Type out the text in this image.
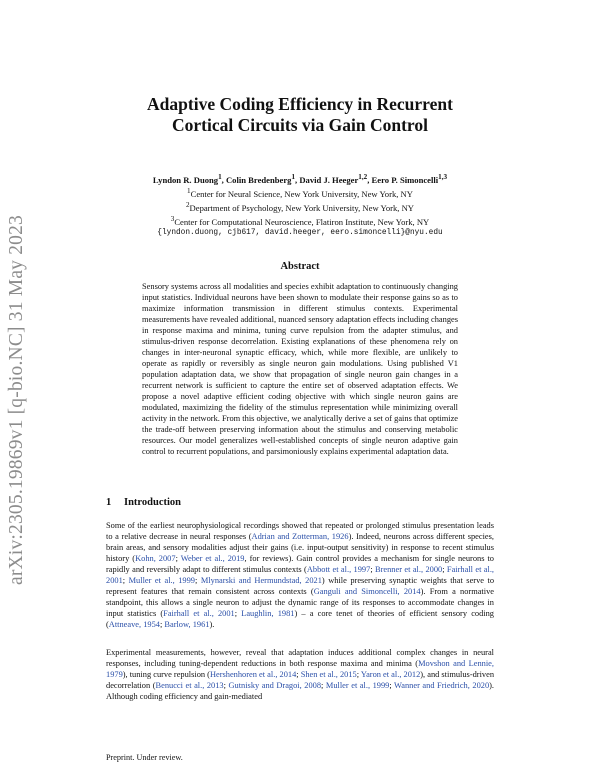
arXiv:2305.19869v1 [q-bio.NC] 31 May 2023
Adaptive Coding Efficiency in Recurrent
Cortical Circuits via Gain Control
Lyndon R. Duong$^1$, Colin Bredenberg$^1$, David J. Heeger$^{1,2}$, Eero P. Simoncelli$^{1,3}$
$^1$Center for Neural Science, New York University, New York, NY
$^2$Department of Psychology, New York University, New York, NY
$^3$Center for Computational Neuroscience, Flatiron Institute, New York, NY
{lyndon.duong, cjb617, david.heeger, eero.simoncelli}@nyu.edu
Abstract

Sensory systems across all modalities and species exhibit adaptation to continuously changing input statistics. Individual neurons have been shown to modulate their response gains so as to maximize information transmission in different stimulus contexts. Experimental measurements have revealed additional, nuanced sensory adaptation effects including changes in response maxima and minima, tuning curve repulsion from the adapter stimulus, and stimulus-driven response decorrelation. Existing explanations of these phenomena rely on changes in inter-neuronal synaptic efficacy, which, while more flexible, are unlikely to operate as rapidly or reversibly as single neuron gain modulations. Using published V1 population adaptation data, we show that propagation of single neuron gain changes in a recurrent network is sufficient to capture the entire set of observed adaptation effects. We propose a novel adaptive efficient coding objective with which single neuron gains are modulated, maximizing the fidelity of the stimulus representation while minimizing overall activity in the network. From this objective, we analytically derive a set of gains that optimize the trade-off between preserving information about the stimulus and conserving metabolic resources. Our model generalizes well-established concepts of single neuron adaptive gain control to recurrent populations, and parsimoniously explains experimental adaptation data.

1 Introduction

Some of the earliest neurophysiological recordings showed that repeated or prolonged stimulus presentation leads to a relative decrease in neural responses (Adrian and Zotterman, 1926). Indeed, neurons across different species, brain areas, and sensory modalities adjust their gains (i.e. input-output sensitivity) in response to recent stimulus history (Kohn, 2007; Weber et al., 2019, for reviews). Gain control provides a mechanism for single neurons to rapidly and reversibly adapt to different stimulus contexts (Abbott et al., 1997; Brenner et al., 2000; Fairhall et al., 2001; Muller et al., 1999; Mlynarski and Hermundstad, 2021) while preserving synaptic weights that serve to represent features that remain consistent across contexts (Ganguli and Simoncelli, 2014). From a normative standpoint, this allows a single neuron to adjust the dynamic range of its responses to accommodate changes in input statistics (Fairhall et al., 2001; Laughlin, 1981) – a core tenet of theories of efficient sensory coding (Attneave, 1954; Barlow, 1961).

Experimental measurements, however, reveal that adaptation induces additional complex changes in neural responses, including tuning-dependent reductions in both response maxima and minima (Movshon and Lennie, 1979), tuning curve repulsion (Hershenhoren et al., 2014; Shen et al., 2015; Yaron et al., 2012), and stimulus-driven decorrelation (Benucci et al., 2013; Gutnisky and Dragoi, 2008; Muller et al., 1999; Wanner and Friedrich, 2020). Although coding efficiency and gain-mediated

Preprint. Under review.
